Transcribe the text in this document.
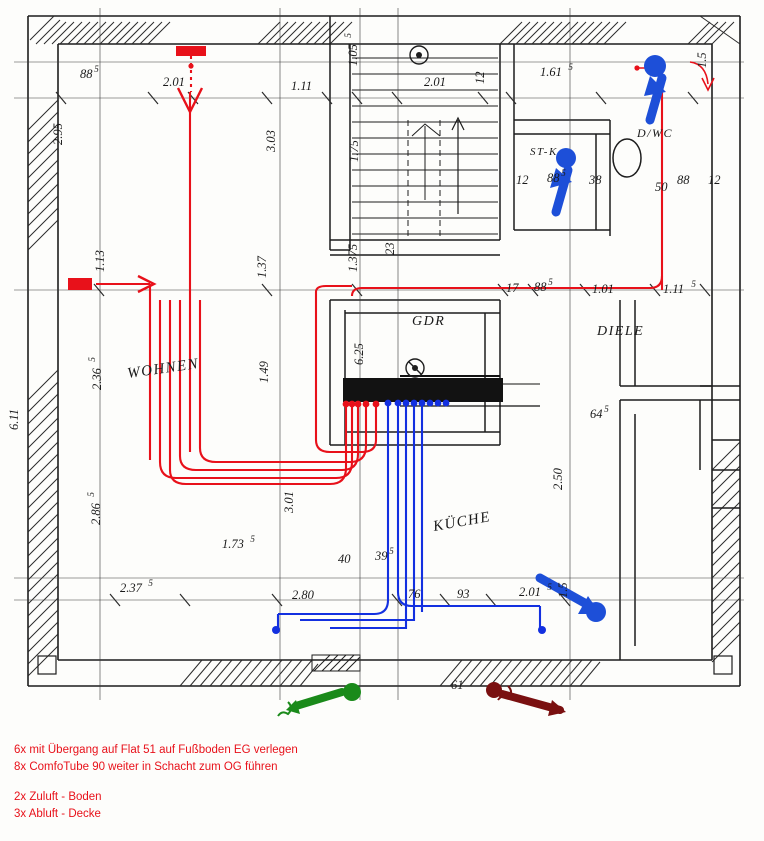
WOHNEN
GDR
DIELE
D/WC
ST-K
KÜCHE
88 5
2.01	1.11
1.05
5
2.01 12	1.61 5	1.5
2.95	3.03	1.75
12 88 5 38	50 88 12
1.13	1.37	1.375 23
17 88 5	1.01	1.11 5
2.36
5
1.49
6.25
64 5
6.11
2.86
5
2.50
3.01
1.73 5
40 39 5
2.37 5
2.80	76	93	2.01 5 1.5
61
6x mit Übergang auf Flat 51 auf Fußboden EG verlegen
8x ComfoTube 90 weiter in Schacht zum OG führen
2x Zuluft - Boden
3x Abluft - Decke
